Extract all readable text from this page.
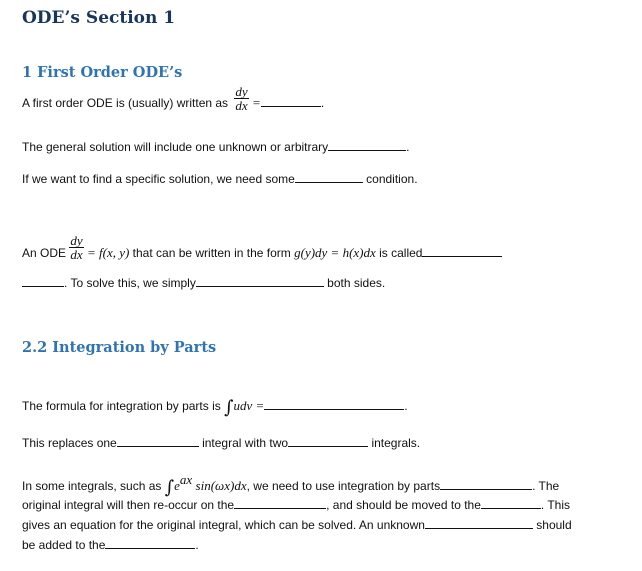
ODE’s Section 1
1 First Order ODE’s
A first order ODE is (usually) written as $\frac{dy}{dx}$ =	.
The general solution will include one unknown or arbitrary	.
If we want to find a specific solution, we need some	condition.
An ODE $\frac{dy}{dx} = f(x$, y) that can be written in the form g(y)dy = h(x)dx is called
. To solve this, we simply	both sides.
2.2 Integration by Parts
The formula for integration by parts is ∫udv =	.
This replaces one	integral with two	integrals.
In some integrals, such as $\int e^{ax}$ sin(ωx)dx, we need to use integration by parts	. The
original integral will then re-occur on the	, and should be moved to the	. This
gives an equation for the original integral, which can be solved. An unknown	should
be added to the	.
